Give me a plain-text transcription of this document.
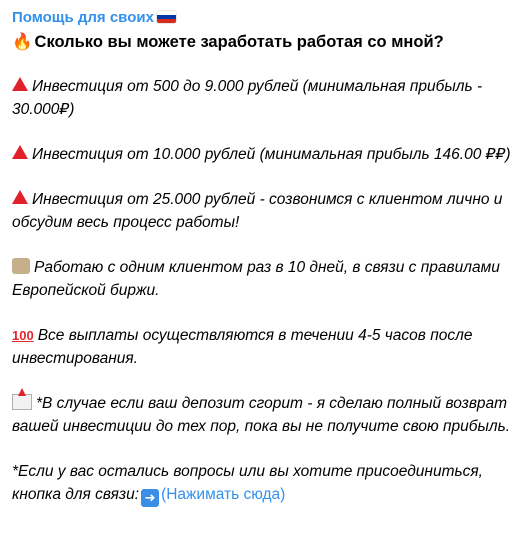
Помощь для своих
🔥 Сколько вы можете заработать работая со мной?
Инвестиция от 500 до 9.000 рублей (минимальная прибыль - 30.000₽)
Инвестиция от 10.000 рублей (минимальная прибыль 146.00 ₽₽)
Инвестиция от 25.000 рублей - созвонимся с клиентом лично и обсудим весь процесс работы!
Работаю с одним клиентом раз в 10 дней, в связи с правилами Европейской биржи.
100 Все выплаты осуществляются в течении 4-5 часов после инвестирования.
*В случае если ваш депозит сгорит - я сделаю полный возврат вашей инвестиции до тех пор, пока вы не получите свою прибыль.
*Если у вас остались вопросы или вы хотите присоединиться, кнопка для связи: ➜ (Нажимать сюда)
